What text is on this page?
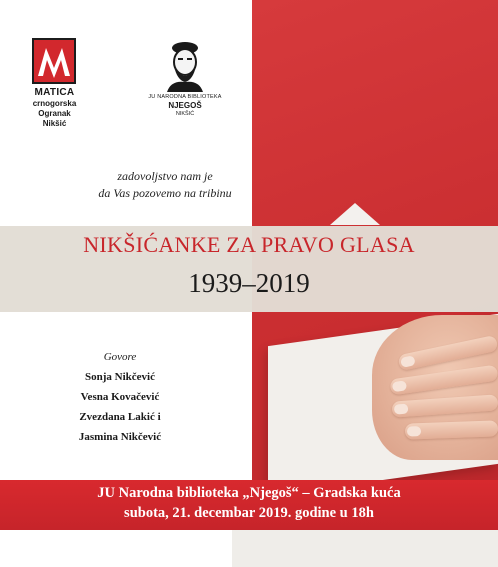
MATICA
crnogorska
Ogranak
Nikšić
JU NARODNA BIBLIOTEKA
NJEGOŠ
NIKŠIĆ
zadovoljstvo nam je
da Vas pozovemo na tribinu
NIKŠIĆANKE ZA PRAVO GLASA
1939–2019
Govore
Sonja Nikčević
Vesna Kovačević
Zvezdana Lakić i
Jasmina Nikčević
JU Narodna biblioteka „Njegoš“ – Gradska kuća
subota, 21. decembar 2019. godine u 18h
